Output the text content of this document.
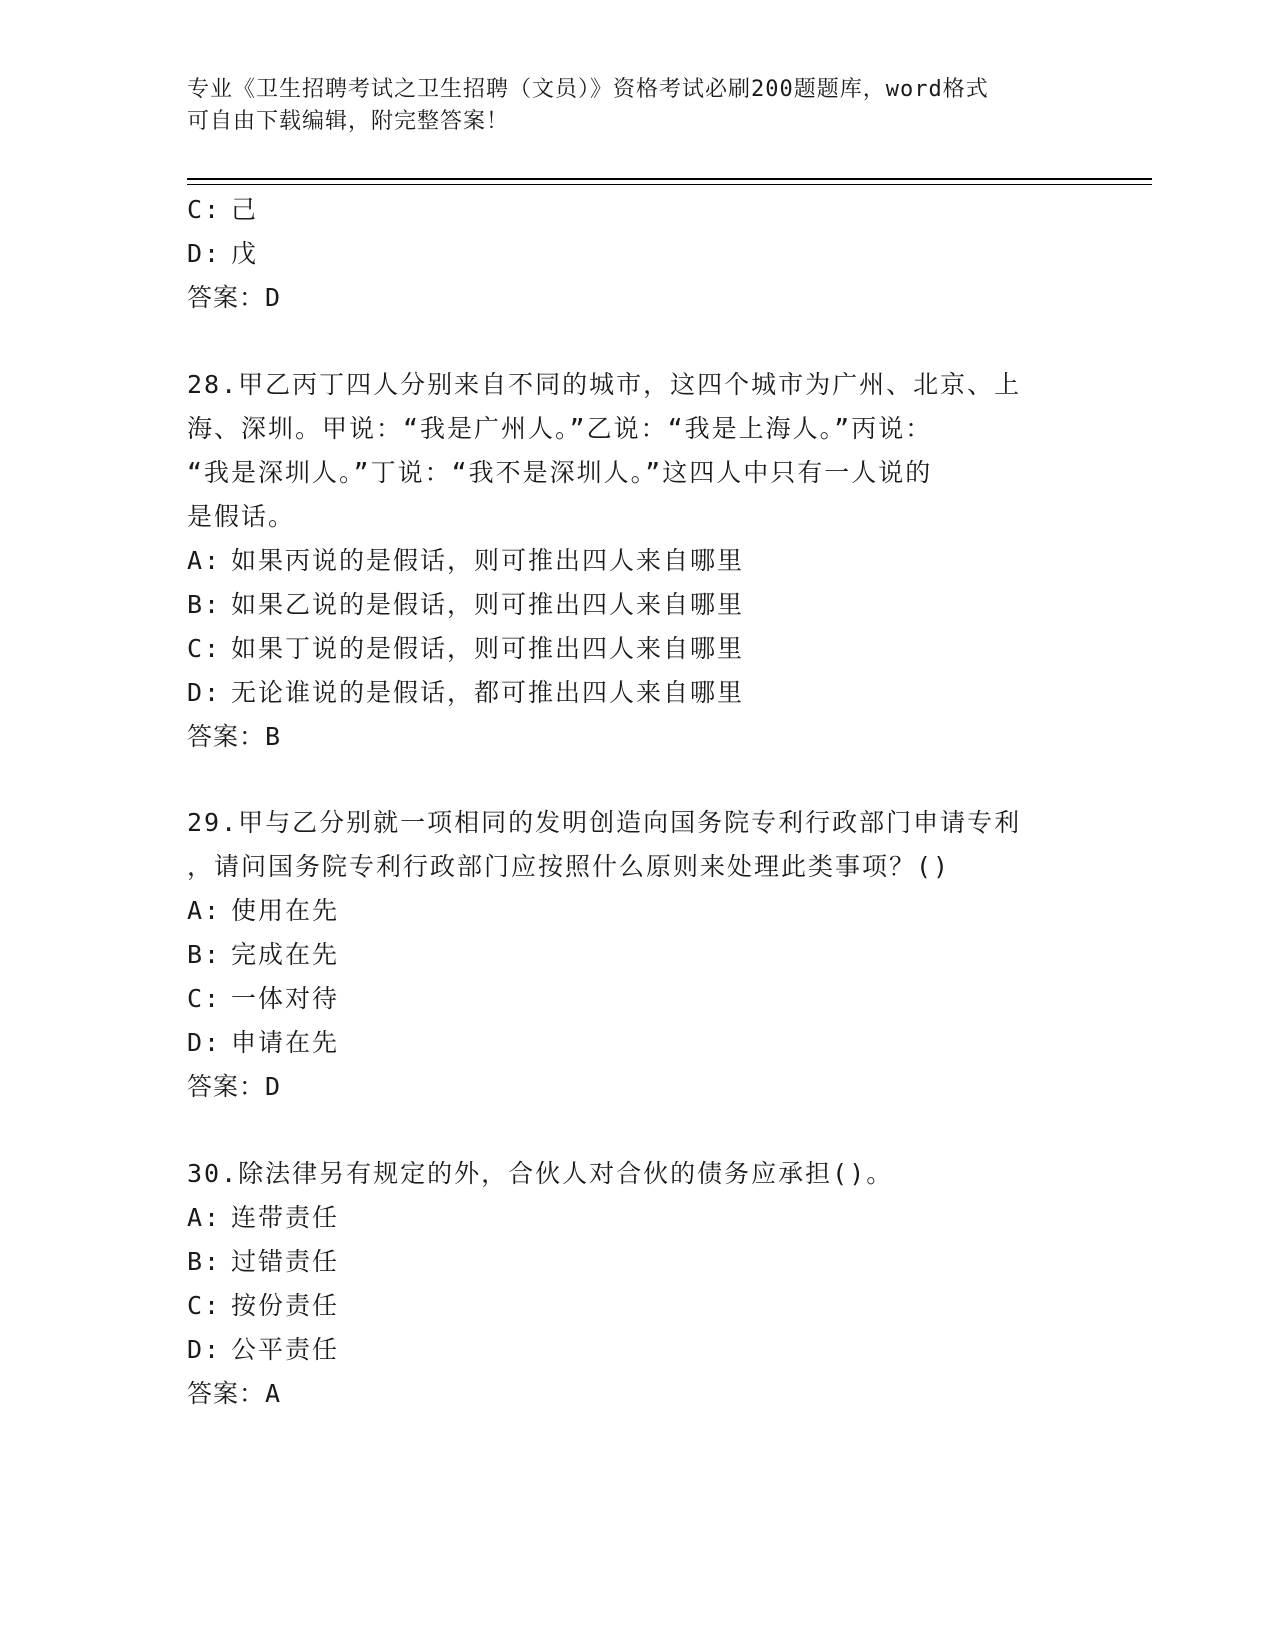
专业《卫生招聘考试之卫生招聘（文员）》资格考试必刷200题题库，word格式
可自由下载编辑，附完整答案！
C: 己
D: 戊
答案：D
28.甲乙丙丁四人分别来自不同的城市，这四个城市为广州、北京、上
海、深圳。甲说：“我是广州人。”乙说：“我是上海人。”丙说：
“我是深圳人。”丁说：“我不是深圳人。”这四人中只有一人说的
是假话。
A: 如果丙说的是假话，则可推出四人来自哪里
B: 如果乙说的是假话，则可推出四人来自哪里
C: 如果丁说的是假话，则可推出四人来自哪里
D: 无论谁说的是假话，都可推出四人来自哪里
答案：B
29.甲与乙分别就一项相同的发明创造向国务院专利行政部门申请专利
，请问国务院专利行政部门应按照什么原则来处理此类事项？()
A: 使用在先
B: 完成在先
C: 一体对待
D: 申请在先
答案：D
30.除法律另有规定的外，合伙人对合伙的债务应承担()。
A: 连带责任
B: 过错责任
C: 按份责任
D: 公平责任
答案：A
